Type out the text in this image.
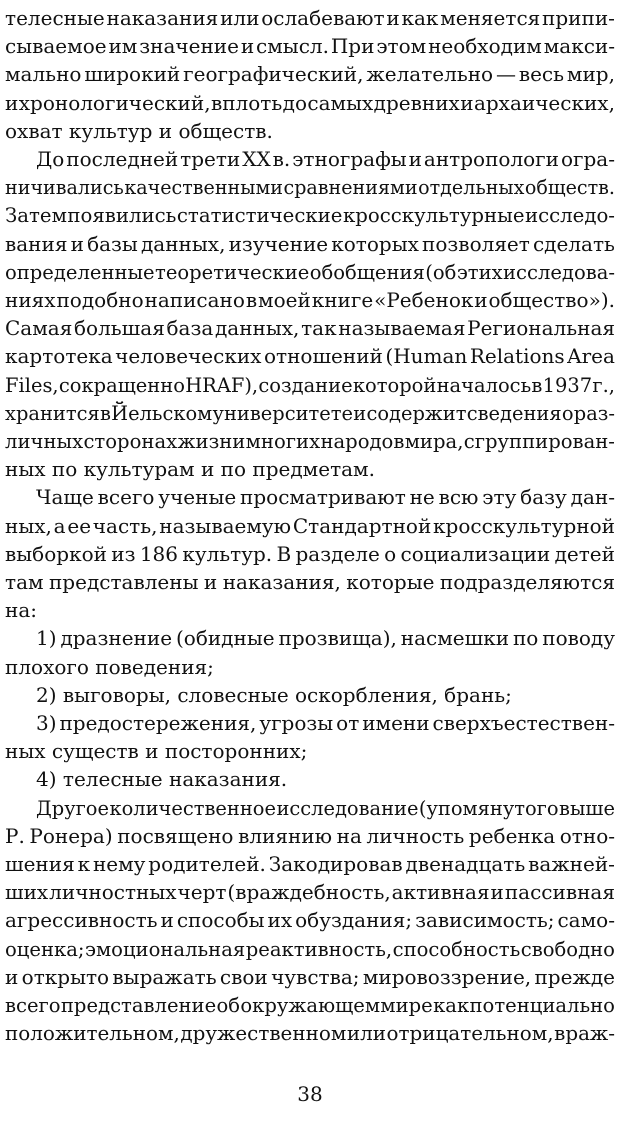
телесные наказания или ослабевают и как меняется припи-
сываемое им значение и смысл. При этом необходим макси-
мально широкий географический, желательно — весь мир,
и хронологический, вплоть до самых древних и архаических,
охват культур и обществ.
До последней трети XX в. этнографы и антропологи огра-
ничивались качественными сравнениями отдельных обществ.
Затем появились статистические кросскультурные исследо-
вания и базы данных, изучение которых позволяет сделать
определенные теоретические обобщения (об этих исследова-
ниях подобно написано в моей книге «Ребенок и общество»).
Самая большая база данных, так называемая Региональная
картотека человеческих отношений (Human Relations Area
Files, сокращенно HRAF), создание которой началось в 1937 г.,
хранится в Йельском университете и содержит сведения о раз-
личных сторонах жизни многих народов мира, сгруппирован-
ных по культурам и по предметам.
Чаще всего ученые просматривают не всю эту базу дан-
ных, а ее часть, называемую Стандартной кросскультурной
выборкой из 186 культур. В разделе о социализации детей
там представлены и наказания, которые подразделяются
на:
1) дразнение (обидные прозвища), насмешки по поводу
плохого поведения;
2) выговоры, словесные оскорбления, брань;
3) предостережения, угрозы от имени сверхъестествен-
ных существ и посторонних;
4) телесные наказания.
Другое количественное исследование (упомянутого выше
Р. Ронера) посвящено влиянию на личность ребенка отно-
шения к нему родителей. Закодировав двенадцать важней-
ших личностных черт (враждебность, активная и пассивная
агрессивность и способы их обуздания; зависимость; само-
оценка; эмоциональная реактивность, способность свободно
и открыто выражать свои чувства; мировоззрение, прежде
всего представление об окружающем мире как потенциально
положительном, дружественном или отрицательном, враж-
38
